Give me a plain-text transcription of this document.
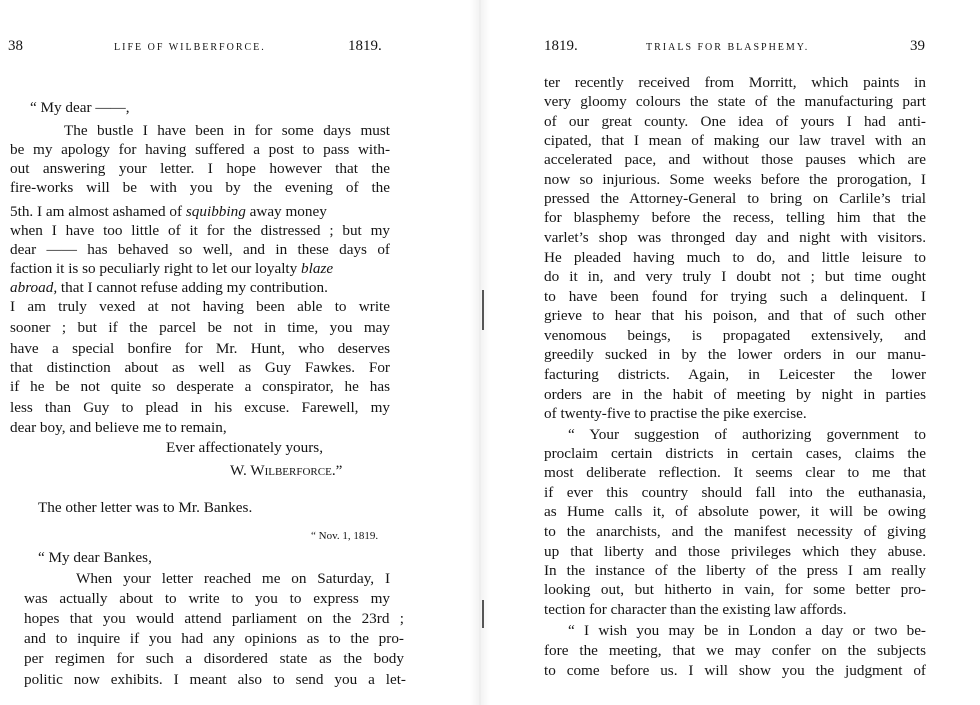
38	LIFE OF WILBERFORCE.	1819.
“ My dear ——,
The bustle I have been in for some days must
be my apology for having suffered a post to pass with-
out answering your letter. I hope however that the
fire-works will be with you by the evening of the
5th. I am almost ashamed of squibbing away money
when I have too little of it for the distressed ; but my
dear —— has behaved so well, and in these days of
faction it is so peculiarly right to let our loyalty blaze
abroad, that I cannot refuse adding my contribution.
I am truly vexed at not having been able to write
sooner ; but if the parcel be not in time, you may
have a special bonfire for Mr. Hunt, who deserves
that distinction about as well as Guy Fawkes. For
if he be not quite so desperate a conspirator, he has
less than Guy to plead in his excuse. Farewell, my
dear boy, and believe me to remain,
Ever affectionately yours,
W. Wilberforce.”
The other letter was to Mr. Bankes.
“ Nov. 1, 1819.
“ My dear Bankes,
When your letter reached me on Saturday, I
was actually about to write to you to express my
hopes that you would attend parliament on the 23rd ;
and to inquire if you had any opinions as to the pro-
per regimen for such a disordered state as the body
politic now exhibits. I meant also to send you a let-
1819.	TRIALS FOR BLASPHEMY.	39
ter recently received from Morritt, which paints in
very gloomy colours the state of the manufacturing part
of our great county. One idea of yours I had anti-
cipated, that I mean of making our law travel with an
accelerated pace, and without those pauses which are
now so injurious. Some weeks before the prorogation, I
pressed the Attorney-General to bring on Carlile’s trial
for blasphemy before the recess, telling him that the
varlet’s shop was thronged day and night with visitors.
He pleaded having much to do, and little leisure to
do it in, and very truly I doubt not ; but time ought
to have been found for trying such a delinquent. I
grieve to hear that his poison, and that of such other
venomous beings, is propagated extensively, and
greedily sucked in by the lower orders in our manu-
facturing districts. Again, in Leicester the lower
orders are in the habit of meeting by night in parties
of twenty-five to practise the pike exercise.
“ Your suggestion of authorizing government to
proclaim certain districts in certain cases, claims the
most deliberate reflection. It seems clear to me that
if ever this country should fall into the euthanasia,
as Hume calls it, of absolute power, it will be owing
to the anarchists, and the manifest necessity of giving
up that liberty and those privileges which they abuse.
In the instance of the liberty of the press I am really
looking out, but hitherto in vain, for some better pro-
tection for character than the existing law affords.
“ I wish you may be in London a day or two be-
fore the meeting, that we may confer on the subjects
to come before us. I will show you the judgment of
